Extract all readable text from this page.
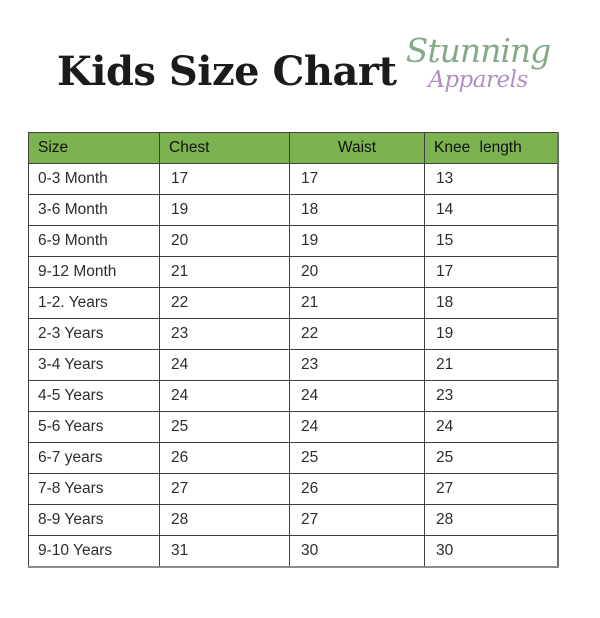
Kids Size Chart Stunning
Apparels
Size	Chest	Waist	Knee length
0-3 Month	17	17	13
3-6 Month	19	18	14
6-9 Month	20	19	15
9-12 Month	21	20	17
1-2. Years	22	21	18
2-3 Years	23	22	19
3-4 Years	24	23	21
4-5 Years	24	24	23
5-6 Years	25	24	24
6-7 years	26	25	25
7-8 Years	27	26	27
8-9 Years	28	27	28
9-10 Years	31	30	30
